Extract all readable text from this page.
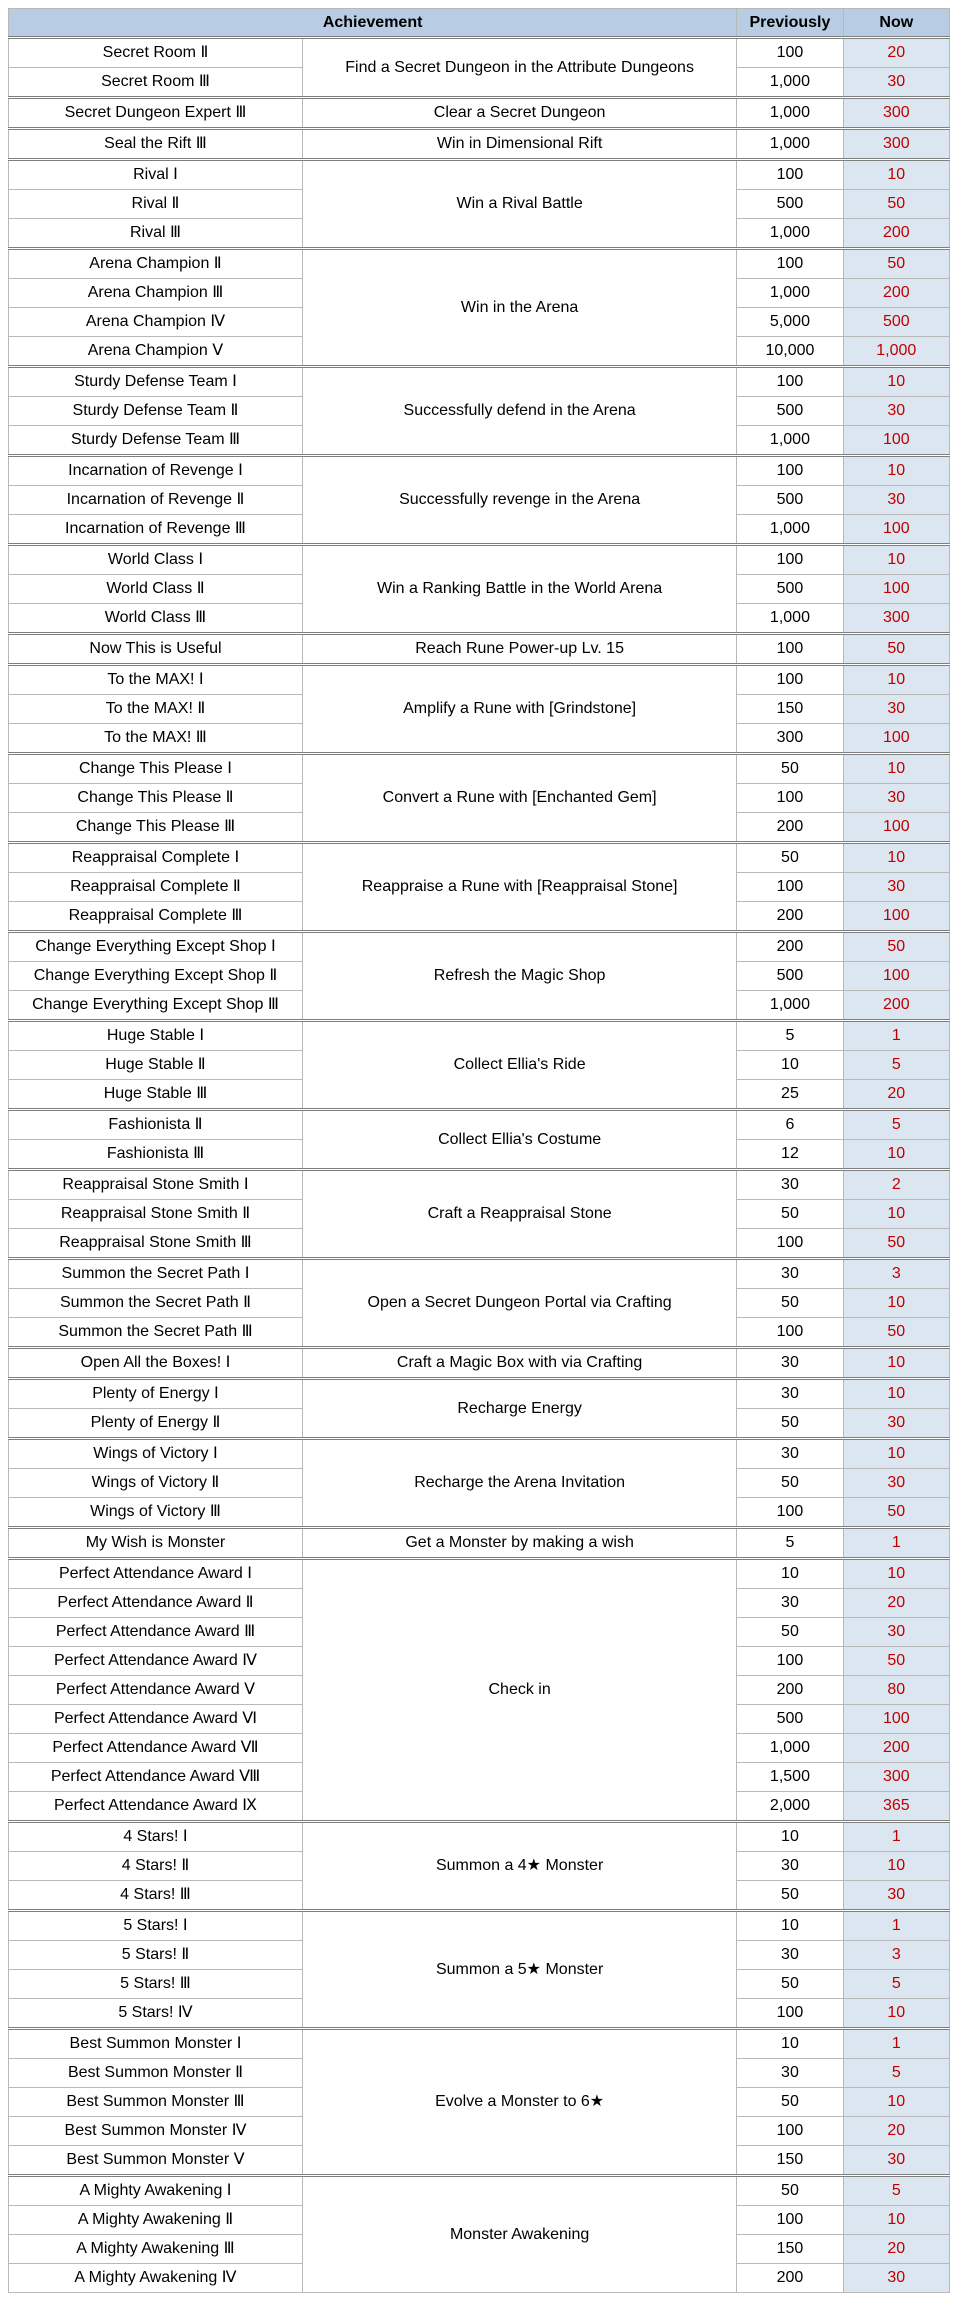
Achievement		Previously	Now
Secret Room Ⅱ	Find a Secret Dungeon in the Attribute Dungeons	100	20
Secret Room Ⅲ		1,000	30
Secret Dungeon Expert Ⅲ	Clear a Secret Dungeon	1,000	300
Seal the Rift Ⅲ	Win in Dimensional Rift	1,000	300
Rival Ⅰ	Win a Rival Battle	100	10
Rival Ⅱ		500	50
Rival Ⅲ		1,000	200
Arena Champion Ⅱ	Win in the Arena	100	50
Arena Champion Ⅲ		1,000	200
Arena Champion Ⅳ		5,000	500
Arena Champion Ⅴ		10,000	1,000
Sturdy Defense Team Ⅰ	Successfully defend in the Arena	100	10
Sturdy Defense Team Ⅱ		500	30
Sturdy Defense Team Ⅲ		1,000	100
Incarnation of Revenge Ⅰ	Successfully revenge in the Arena	100	10
Incarnation of Revenge Ⅱ		500	30
Incarnation of Revenge Ⅲ		1,000	100
World Class Ⅰ	Win a Ranking Battle in the World Arena	100	10
World Class Ⅱ		500	100
World Class Ⅲ		1,000	300
Now This is Useful	Reach Rune Power-up Lv. 15	100	50
To the MAX! Ⅰ	Amplify a Rune with [Grindstone]	100	10
To the MAX! Ⅱ		150	30
To the MAX! Ⅲ		300	100
Change This Please Ⅰ	Convert a Rune with [Enchanted Gem]	50	10
Change This Please Ⅱ		100	30
Change This Please Ⅲ		200	100
Reappraisal Complete Ⅰ	Reappraise a Rune with [Reappraisal Stone]	50	10
Reappraisal Complete Ⅱ		100	30
Reappraisal Complete Ⅲ		200	100
Change Everything Except Shop Ⅰ	Refresh the Magic Shop	200	50
Change Everything Except Shop Ⅱ		500	100
Change Everything Except Shop Ⅲ		1,000	200
Huge Stable Ⅰ	Collect Ellia's Ride	5	1
Huge Stable Ⅱ		10	5
Huge Stable Ⅲ		25	20
Fashionista Ⅱ	Collect Ellia's Costume	6	5
Fashionista Ⅲ		12	10
Reappraisal Stone Smith Ⅰ	Craft a Reappraisal Stone	30	2
Reappraisal Stone Smith Ⅱ		50	10
Reappraisal Stone Smith Ⅲ		100	50
Summon the Secret Path Ⅰ	Open a Secret Dungeon Portal via Crafting	30	3
Summon the Secret Path Ⅱ		50	10
Summon the Secret Path Ⅲ		100	50
Open All the Boxes! Ⅰ	Craft a Magic Box with via Crafting	30	10
Plenty of Energy Ⅰ	Recharge Energy	30	10
Plenty of Energy Ⅱ		50	30
Wings of Victory Ⅰ	Recharge the Arena Invitation	30	10
Wings of Victory Ⅱ		50	30
Wings of Victory Ⅲ		100	50
My Wish is Monster	Get a Monster by making a wish	5	1
Perfect Attendance Award Ⅰ	Check in	10	10
Perfect Attendance Award Ⅱ		30	20
Perfect Attendance Award Ⅲ		50	30
Perfect Attendance Award Ⅳ		100	50
Perfect Attendance Award Ⅴ		200	80
Perfect Attendance Award Ⅵ		500	100
Perfect Attendance Award Ⅶ		1,000	200
Perfect Attendance Award Ⅷ		1,500	300
Perfect Attendance Award Ⅸ		2,000	365
4 Stars! Ⅰ	Summon a 4★ Monster	10	1
4 Stars! Ⅱ		30	10
4 Stars! Ⅲ		50	30
5 Stars! Ⅰ	Summon a 5★ Monster	10	1
5 Stars! Ⅱ		30	3
5 Stars! Ⅲ		50	5
5 Stars! Ⅳ		100	10
Best Summon Monster Ⅰ	Evolve a Monster to 6★	10	1
Best Summon Monster Ⅱ		30	5
Best Summon Monster Ⅲ		50	10
Best Summon Monster Ⅳ		100	20
Best Summon Monster Ⅴ		150	30
A Mighty Awakening Ⅰ	Monster Awakening	50	5
A Mighty Awakening Ⅱ		100	10
A Mighty Awakening Ⅲ		150	20
A Mighty Awakening Ⅳ		200	30
